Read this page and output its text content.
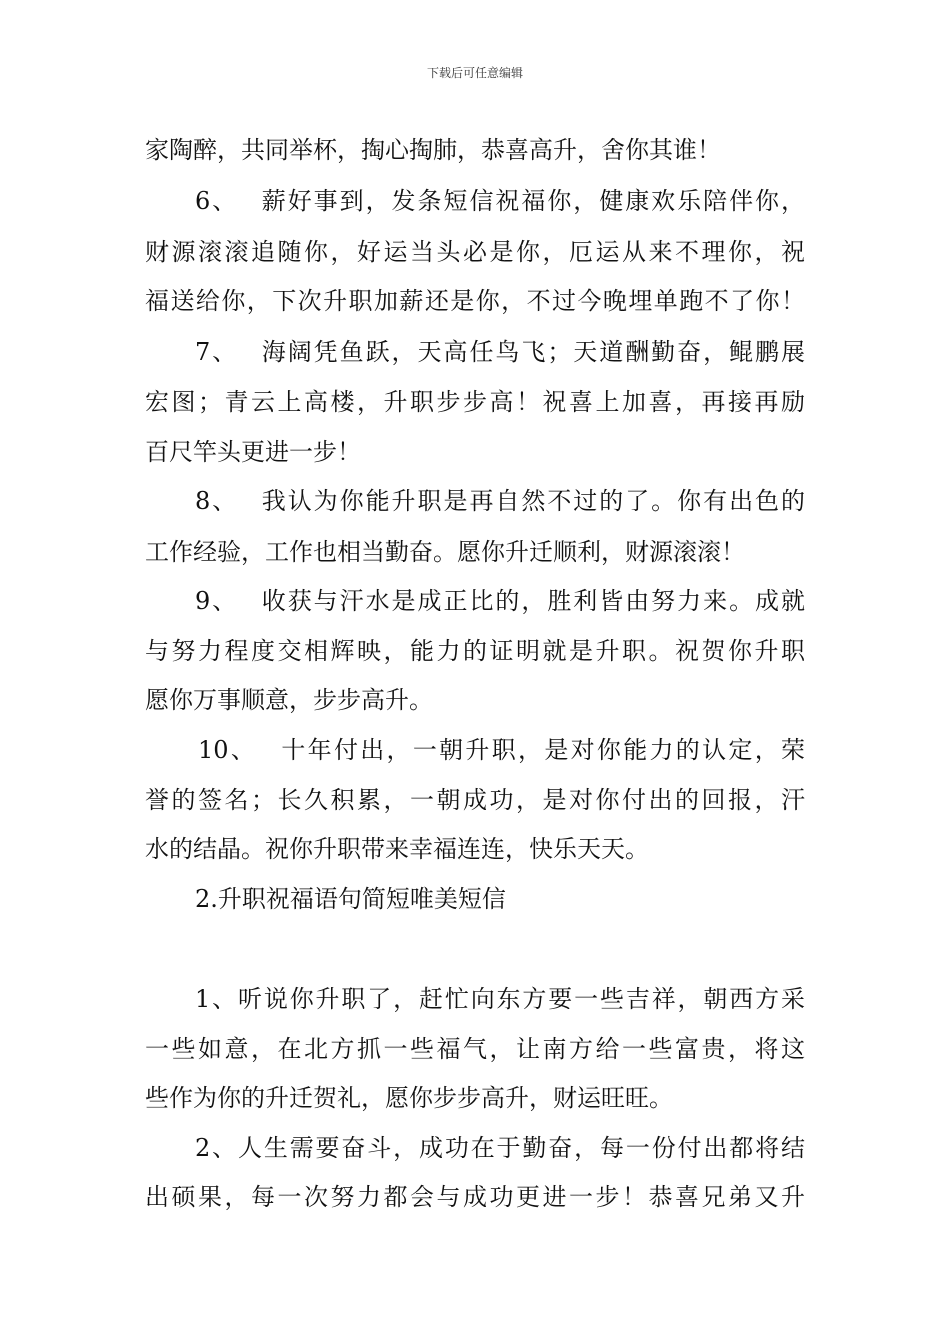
下载后可任意编辑
家陶醉，共同举杯，掏心掏肺，恭喜高升，舍你其谁！
6、　 薪好事到，发条短信祝福你，健康欢乐陪伴你，
财源滚滚追随你，好运当头必是你，厄运从来不理你，祝
福送给你，下次升职加薪还是你，不过今晚埋单跑不了你！
7、　 海阔凭鱼跃，天高任鸟飞；天道酬勤奋，鲲鹏展
宏图；青云上高楼，升职步步高！祝喜上加喜，再接再励
百尺竿头更进一步！
8、　 我认为你能升职是再自然不过的了。你有出色的
工作经验，工作也相当勤奋。愿你升迁顺利，财源滚滚！
9、　 收获与汗水是成正比的，胜利皆由努力来。成就
与努力程度交相辉映，能力的证明就是升职。祝贺你升职
愿你万事顺意，步步高升。
10、　 十年付出，一朝升职，是对你能力的认定，荣
誉的签名；长久积累，一朝成功，是对你付出的回报，汗
水的结晶。祝你升职带来幸福连连，快乐天天。
2.升职祝福语句简短唯美短信
1、听说你升职了，赶忙向东方要一些吉祥，朝西方采
一些如意，在北方抓一些福气，让南方给一些富贵，将这
些作为你的升迁贺礼，愿你步步高升，财运旺旺。
2、人生需要奋斗，成功在于勤奋，每一份付出都将结
出硕果，每一次努力都会与成功更进一步！恭喜兄弟又升
